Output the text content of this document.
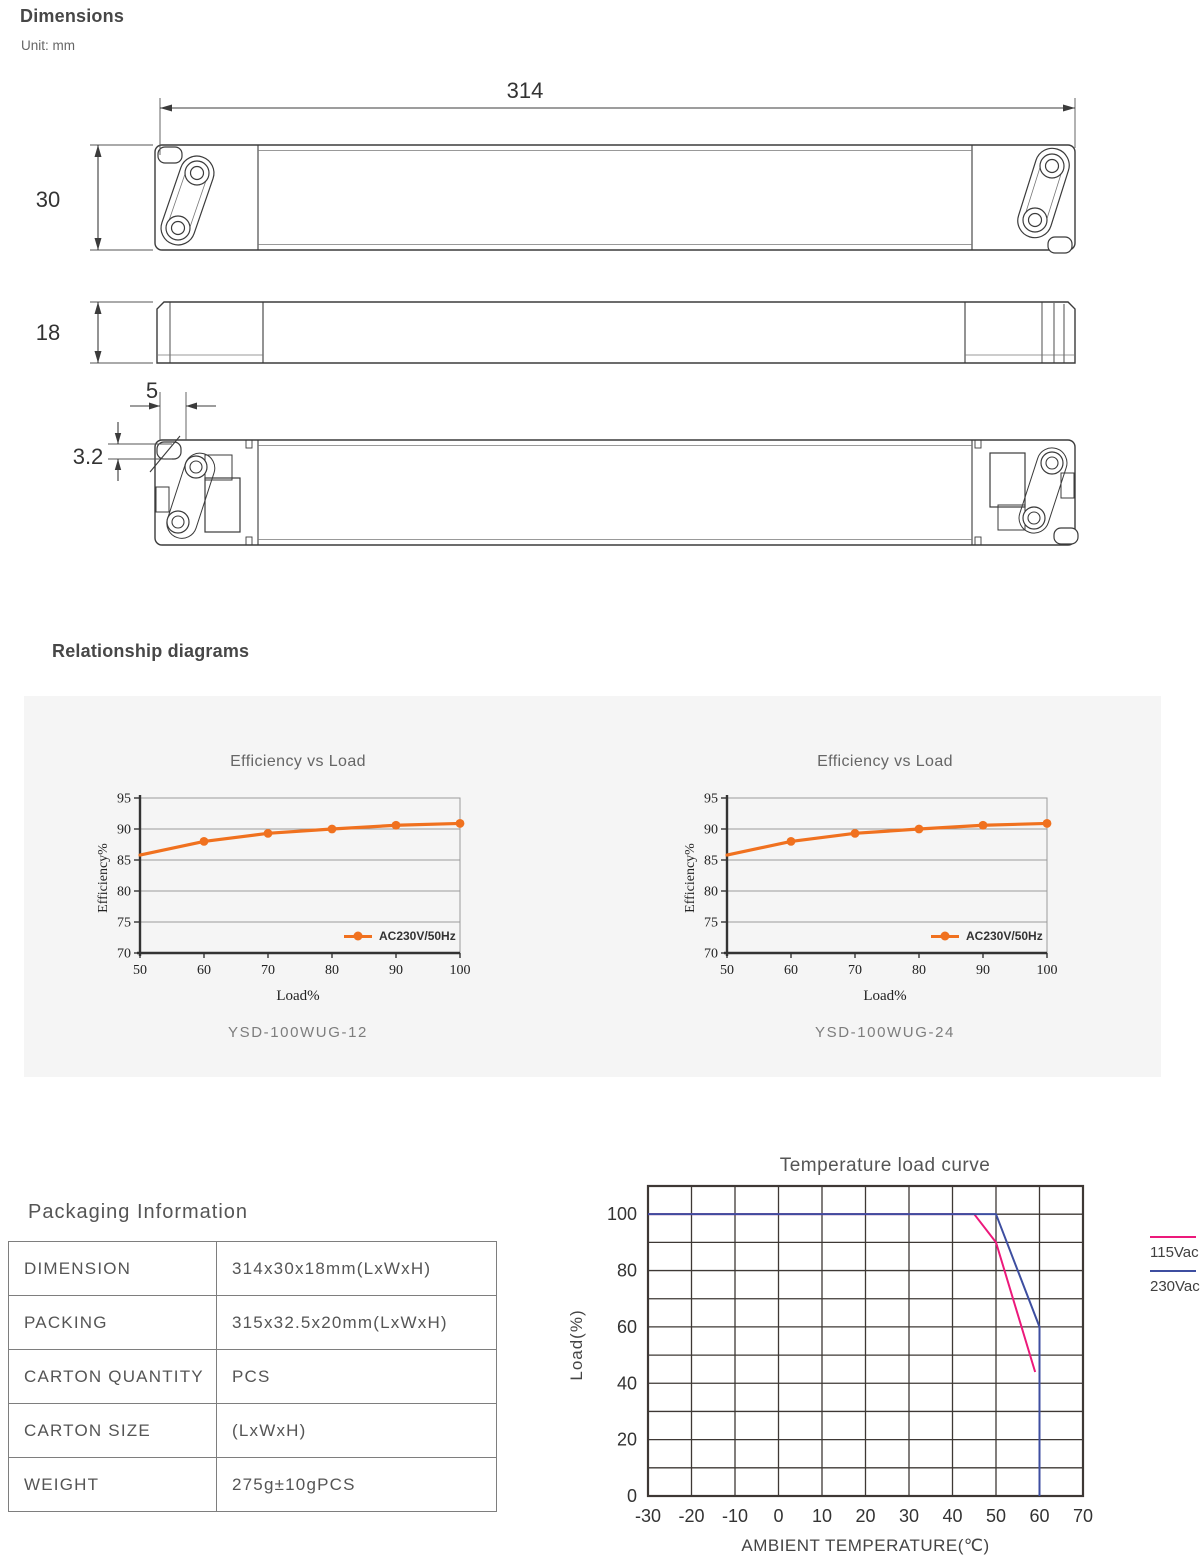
Dimensions
Unit: mm
314
30
18
5
3.2
Relationship diagrams
Efficiency vs Load
70
75
80
85
90
95
50	60	70	80	90	100
Efficiency%
Load%
AC230V/50Hz
YSD-100WUG-12
Efficiency vs Load
70
75
80
85
90
95
50	60	70	80	90	100
Efficiency%
Load%
AC230V/50Hz
YSD-100WUG-24
Packaging Information
DIMENSION	314x30x18mm(LxWxH)
PACKING	315x32.5x20mm(LxWxH)
CARTON QUANTITY	PCS
CARTON SIZE	(LxWxH)
WEIGHT	275g±10gPCS
Temperature load curve
-30 -20 -10 0 10 20 30 40 50 60 70
0
20
40
60
80
100
Load(%)
AMBIENT TEMPERATURE(℃)
115Vac
230Vac
